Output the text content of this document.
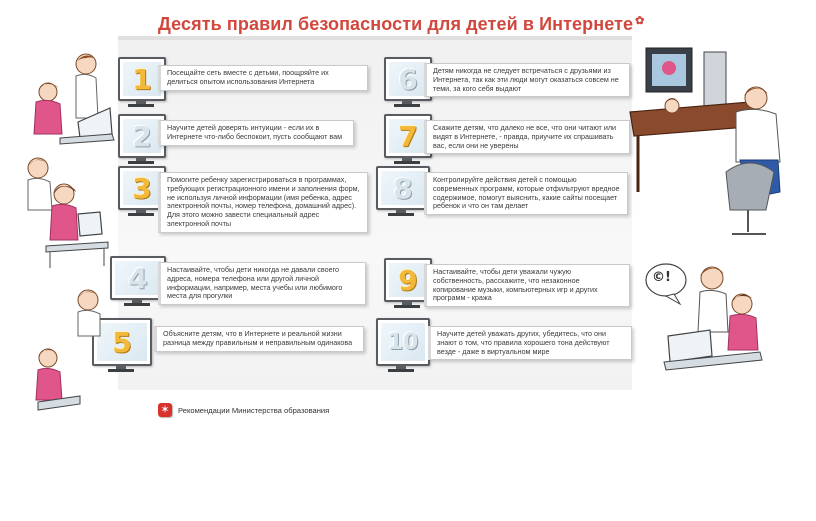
Десять правил безопасности для детей в Интернете ✿
1	Посещайте сеть вместе с детьми, поощряйте их делиться опытом использования Интернета
2	Научите детей доверять интуиции - если их в Интернете что-либо беспокоит, пусть сообщают вам
3	Помогите ребенку зарегистрироваться в программах, требующих регистрационного имени и заполнения форм, не используя личной информации (имя ребенка, адрес электронной почты, номер телефона, домашний адрес). Для этого можно завести специальный адрес электронной почты
4	Настаивайте, чтобы дети никогда не давали своего адреса, номера телефона или другой личной информации, например, места учебы или любимого места для прогулки
5	Объясните детям, что в Интернете и реальной жизни разница между правильным и неправильным одинакова
6	Детям никогда не следует встречаться с друзьями из Интернета, так как эти люди могут оказаться совсем не теми, за кого себя выдают
7	Скажите детям, что далеко не все, что они читают или видят в Интернете, - правда, приучите их спрашивать вас, если они не уверены
8	Контролируйте действия детей с помощью современных программ, которые отфильтруют вредное содержимое, помогут выяснить, какие сайты посещает ребенок и что он там делает
9	Настаивайте, чтобы дети уважали чужую собственность, расскажите, что незаконное копирование музыки, компьютерных игр и других программ - кража
10	Научите детей уважать других, убедитесь, что они знают о том, что правила хорошего тона действуют везде - даже в виртуальном мире
✶	Рекомендации Министерства образования
©!
